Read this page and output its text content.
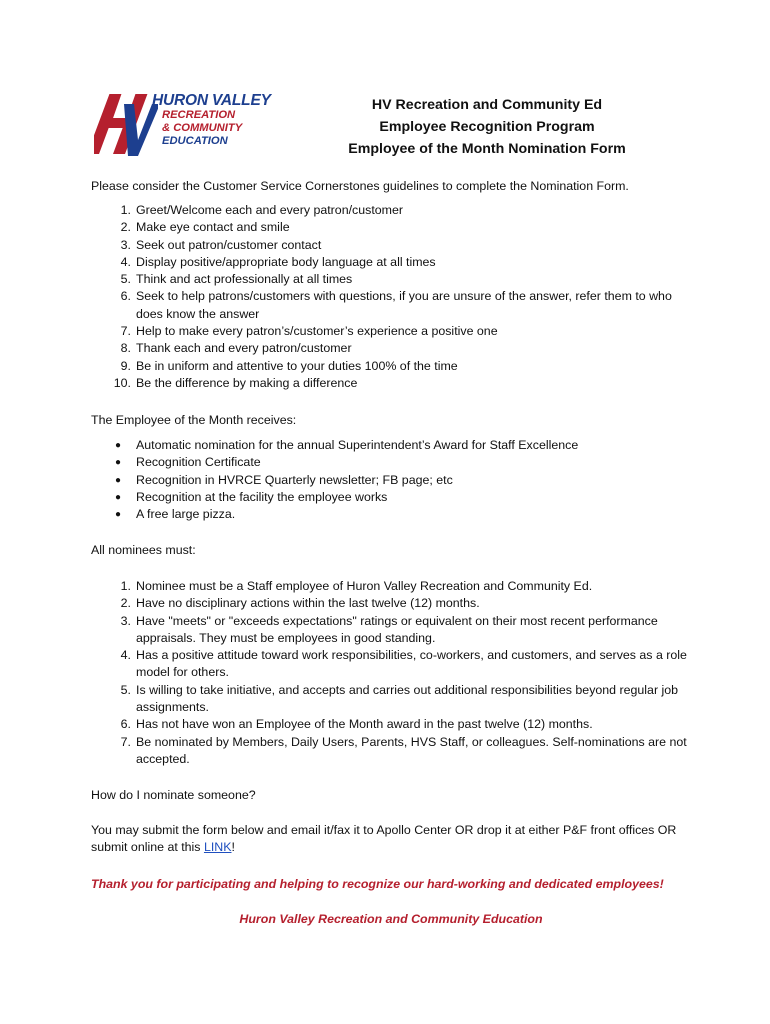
HURON VALLEY
RECREATION
& COMMUNITY
EDUCATION
HV Recreation and Community Ed
Employee Recognition Program
Employee of the Month Nomination Form
Please consider the Customer Service Cornerstones guidelines to complete the Nomination Form.
1. Greet/Welcome each and every patron/customer
2. Make eye contact and smile
3. Seek out patron/customer contact
4. Display positive/appropriate body language at all times
5. Think and act professionally at all times
6. Seek to help patrons/customers with questions, if you are unsure of the answer, refer them to who does know the answer
7. Help to make every patron’s/customer’s experience a positive one
8. Thank each and every patron/customer
9. Be in uniform and attentive to your duties 100% of the time
10. Be the difference by making a difference
The Employee of the Month receives:
● Automatic nomination for the annual Superintendent’s Award for Staff Excellence
● Recognition Certificate
● Recognition in HVRCE Quarterly newsletter; FB page; etc
● Recognition at the facility the employee works
● A free large pizza.
All nominees must:
1. Nominee must be a Staff employee of Huron Valley Recreation and Community Ed.
2. Have no disciplinary actions within the last twelve (12) months.
3. Have "meets" or "exceeds expectations" ratings or equivalent on their most recent performance appraisals. They must be employees in good standing.
4. Has a positive attitude toward work responsibilities, co-workers, and customers, and serves as a role model for others.
5. Is willing to take initiative, and accepts and carries out additional responsibilities beyond regular job assignments.
6. Has not have won an Employee of the Month award in the past twelve (12) months.
7. Be nominated by Members, Daily Users, Parents, HVS Staff, or colleagues. Self-nominations are not accepted.
How do I nominate someone?
You may submit the form below and email it/fax it to Apollo Center OR drop it at either P&F front offices OR submit online at this LINK!
Thank you for participating and helping to recognize our hard-working and dedicated employees!
Huron Valley Recreation and Community Education
